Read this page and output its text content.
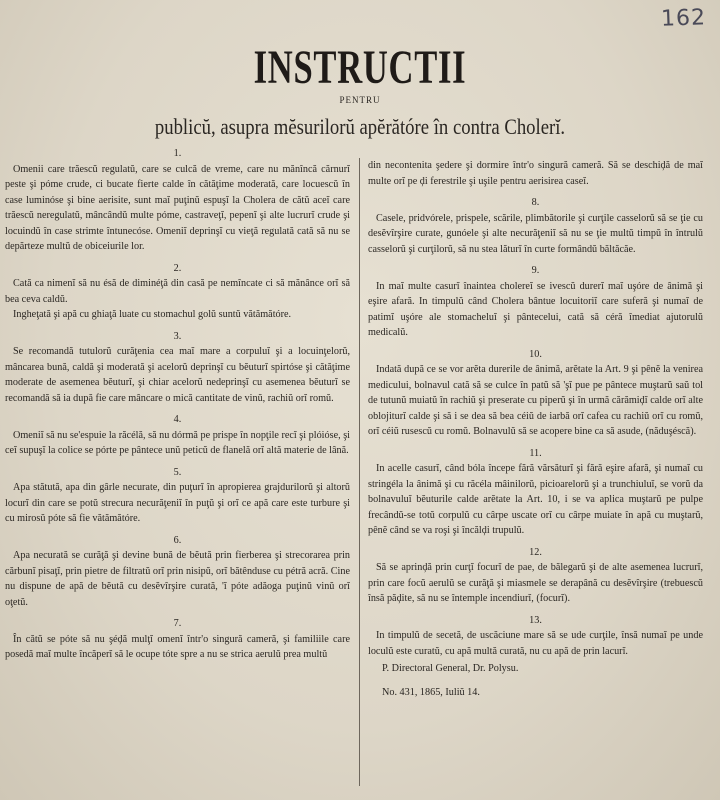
162
INSTRUCTII
PENTRU
publicŭ, asupra mĕsurilorŭ apĕrătóre în contra Cholerĭ.

1.

Omenii care trăescŭ regulatŭ, care se culcă de vreme, care nu mănîncă cărnurĭ peste şi póme crude, ci bucate fierte calde în cătăţime moderată, care locuescŭ în case luminóse şi bine aerisite, sunt maĭ puţinŭ espuşĭ la Cholera de cătŭ aceĭ care trăescŭ neregulatŭ, mâncândŭ multe póme, castraveţĭ, pepenĭ şi alte lucrurĭ crude şi locuindŭ în case strimte întunecóse. Omeniĭ deprinşĭ cu vieţă regulată cată să nu se depărteze multŭ de obiceiurile lor.

2.

Cată ca nimenĭ să nu ésă de diminéţă din casă pe nemîncate ci să mănânce orĭ să bea ceva caldŭ.

Ingheţată şi apă cu ghiaţă luate cu stomachul golŭ suntŭ vătămătóre.

3.

Se recomandă tutulorŭ curăţenia cea maĭ mare a corpuluĭ şi a locuinţelorŭ, mâncarea bună, caldă şi moderată şi acelorŭ deprinşĭ cu bĕuturĭ spirtóse şi cătăţime moderate de asemenea bĕuturĭ, şi chiar acelorŭ nedeprinşĭ cu asemenea bĕuturĭ se recomandă să ia după fie care mâncare o mică cantitate de vinŭ, rachiŭ orĭ romŭ.

4.

Omeniĭ să nu se'espuie la răcélă, să nu dórmă pe prispe în nopţile recĭ şi plóióse, şi ceĭ supuşĭ la colice se pórte pe pântece unŭ peticŭ de flanelă orĭ altă materie de lână.

5.

Apa stătută, apa din gârle necurate, din puţurĭ în apropierea grajdurilorŭ şi altorŭ locurĭ din care se potŭ strecura necurăţeniĭ în puţŭ şi orĭ ce apă care este turbure şi cu mirosŭ póte să fie vătămătóre.

6.

Apa necurată se curăţă şi devine bună de bĕută prin fierberea şi strecorarea prin cărbunĭ pisaţĭ, prin pietre de filtratŭ orĭ prin nisipŭ, orĭ bătênduse cu pétră acră. Cine nu dispune de apă de bĕută cu desĕvîrşire curată, 'ĭ póte adăoga puţinŭ vinŭ orĭ oţetŭ.

7.

În cătŭ se póte să nu şéḑă mulţĭ omenĭ într'o singură cameră, şi familiile care posedă maĭ multe încăperĭ să le ocupe tóte spre a nu se strica aerulŭ prea multŭ

din necontenita şedere şi dormire într'o singură cameră. Să se deschiḑă de maĭ multe orĭ pe ḑi ferestrile şi uşile pentru aerisirea caseĭ.

8.

Casele, pridvórele, prispele, scările, plimbătorile şi curţile casselorŭ să se ţie cu desĕvîrşire curate, gunóele şi alte necurăţeniĭ să nu se ţie multŭ timpŭ în întrulŭ casselorŭ şi curţilorŭ, să nu stea lăturĭ în curte formândŭ băltăcăe.

9.

In maĭ multe casurĭ înaintea cholereĭ se ivescŭ durerĭ maĭ uşóre de ânimă şi eşire afară. In timpulŭ când Cholera bântue locuitoriĭ care suferă şi numaĭ de patimĭ uşóre ale stomacheluĭ şi pântecelui, cată să céră îmediat ajutorulŭ medicalŭ.

10.

Indată după ce se vor arĕta durerile de ânimă, arĕtate la Art. 9 şi pênĕ la venirea medicului, bolnavul cată să se culce în patŭ să 'şĭ pue pe pântece muştarŭ saŭ tol de tutunŭ muiatŭ în rachiŭ şi preserate cu piperŭ şi în urmă cărămiḑĭ calde orĭ alte oblojiturĭ calde şi să i se dea să bea céiŭ de iarbă orĭ cafea cu rachiŭ orĭ cu romŭ, orĭ céiŭ rusescŭ cu romŭ. Bolnavulŭ să se acopere bine ca să asude, (năduşéscă).

11.

In acelle casurĭ, când bóla începe fără vărsăturĭ şi fără eşire afară, şi numaĭ cu stringéla la ânimă şi cu răcéla mâinilorŭ, picioarelorŭ şi a trunchiuluĭ, se vorŭ da bolnavuluĭ bĕuturile calde arĕtate la Art. 10, i se va aplica muştarŭ pe pulpe frecândŭ-se totŭ corpulŭ cu cârpe uscate orĭ cu cârpe muiate în apă cu muştarŭ, pênĕ când se va roşi şi încălḑi trupulŭ.

12.

Să se aprinḑă prin curţĭ focurĭ de pae, de bălegarŭ şi de alte asemenea lucrurĭ, prin care focŭ aerulŭ se curăţă şi miasmele se derapână cu desĕvîrşire (trebuescŭ însă păḑite, să nu se întemple incendiurĭ, (focurĭ).

13.

In timpulŭ de secetă, de uscăciune mare să se ude curţile, însă numaĭ pe unde loculŭ este curatŭ, cu apă multă curată, nu cu apă de prin lacurĭ.

P. Directoral General, Dr. Polysu.

No. 431, 1865, Iuliŭ 14.
